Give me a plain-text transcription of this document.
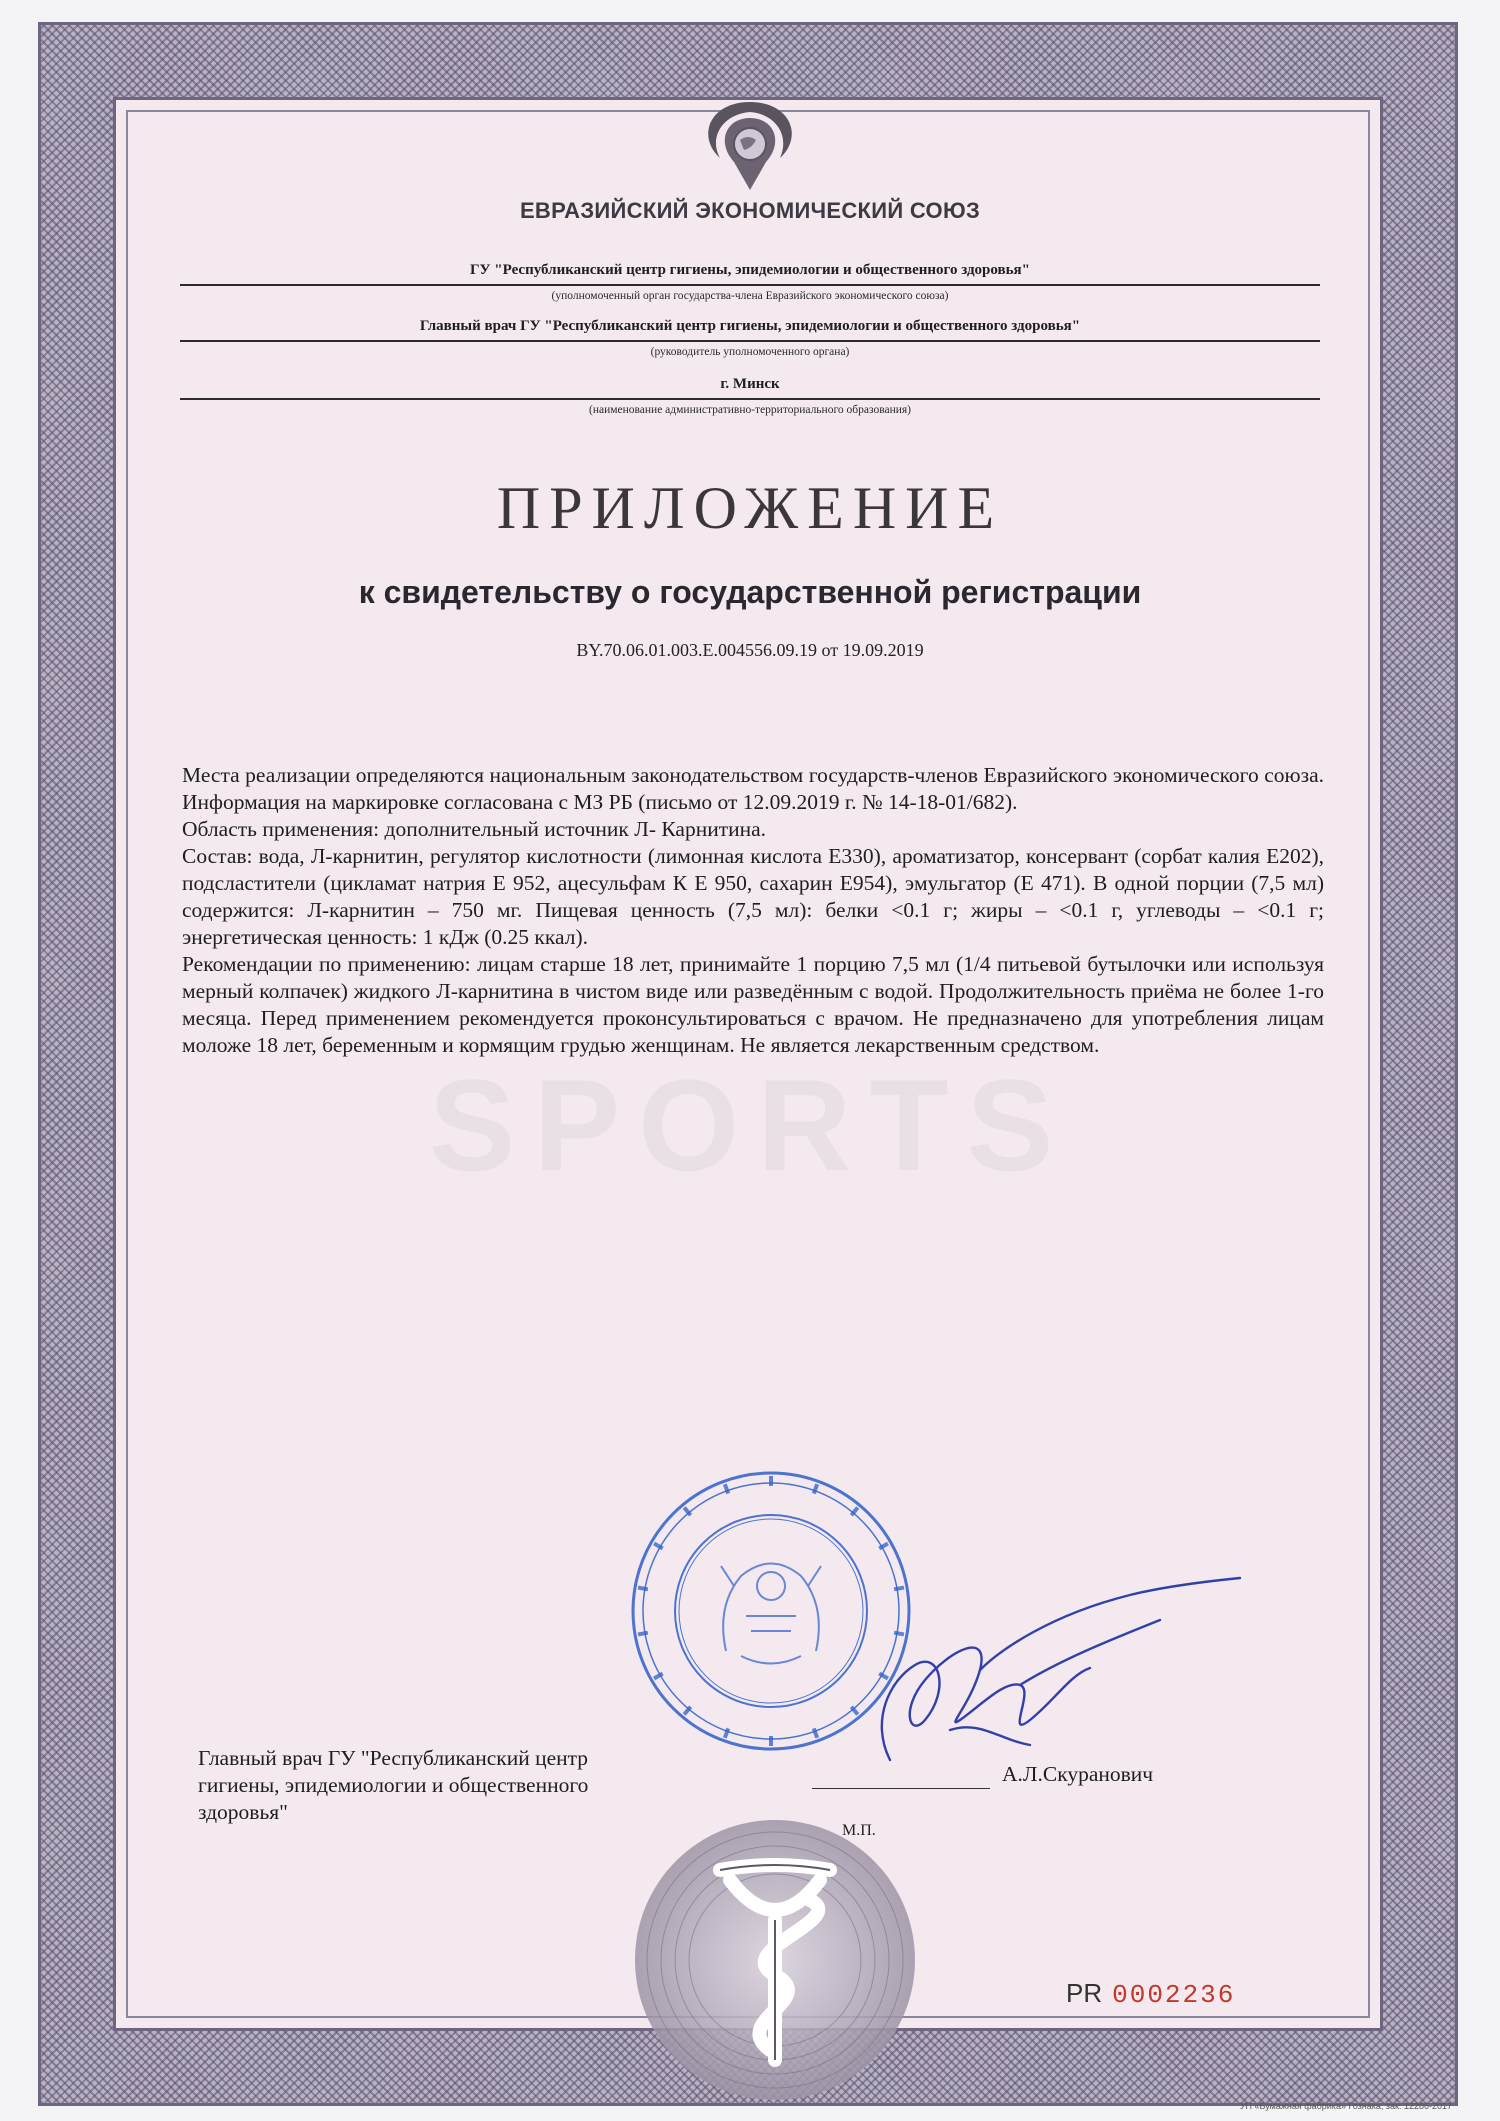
ЕВРАЗИЙСКИЙ ЭКОНОМИЧЕСКИЙ СОЮЗ
ГУ "Республиканский центр гигиены, эпидемиологии и общественного здоровья"
(уполномоченный орган государства-члена Евразийского экономического союза)
Главный врач ГУ "Республиканский центр гигиены, эпидемиологии и общественного здоровья"
(руководитель уполномоченного органа)
г. Минск
(наименование административно-территориального образования)
ПРИЛОЖЕНИЕ
к свидетельству о государственной регистрации
BY.70.06.01.003.E.004556.09.19 от 19.09.2019
SPORTS

Места реализации определяются национальным законодательством государств-членов Евразийского экономического союза. Информация на маркировке согласована с МЗ РБ (письмо от 12.09.2019 г. № 14-18-01/682).

Область применения: дополнительный источник Л- Карнитина.

Состав: вода, Л-карнитин, регулятор кислотности (лимонная кислота Е330), ароматизатор, консервант (сорбат калия Е202), подсластители (цикламат натрия Е 952, ацесульфам К Е 950, сахарин Е954), эмульгатор (Е 471). В одной порции (7,5 мл) содержится: Л-карнитин – 750 мг. Пищевая ценность (7,5 мл): белки <0.1 г; жиры – <0.1 г, углеводы – <0.1 г; энергетическая ценность: 1 кДж (0.25 ккал).

Рекомендации по применению: лицам старше 18 лет, принимайте 1 порцию 7,5 мл (1/4 питьевой бутылочки или используя мерный колпачек) жидкого Л-карнитина в чистом виде или разведённым с водой. Продолжительность приёма не более 1-го месяца. Перед применением рекомендуется проконсультироваться с врачом. Не предназначено для употребления лицам моложе 18 лет, беременным и кормящим грудью женщинам. Не является лекарственным средством.

Главный врач ГУ "Республиканский центр
гигиены, эпидемиологии и общественного
здоровья"
А.Л.Скуранович
М.П.
PR 0002236
УП «Бумажная фабрика» Гознака, зак. 12286-2017
